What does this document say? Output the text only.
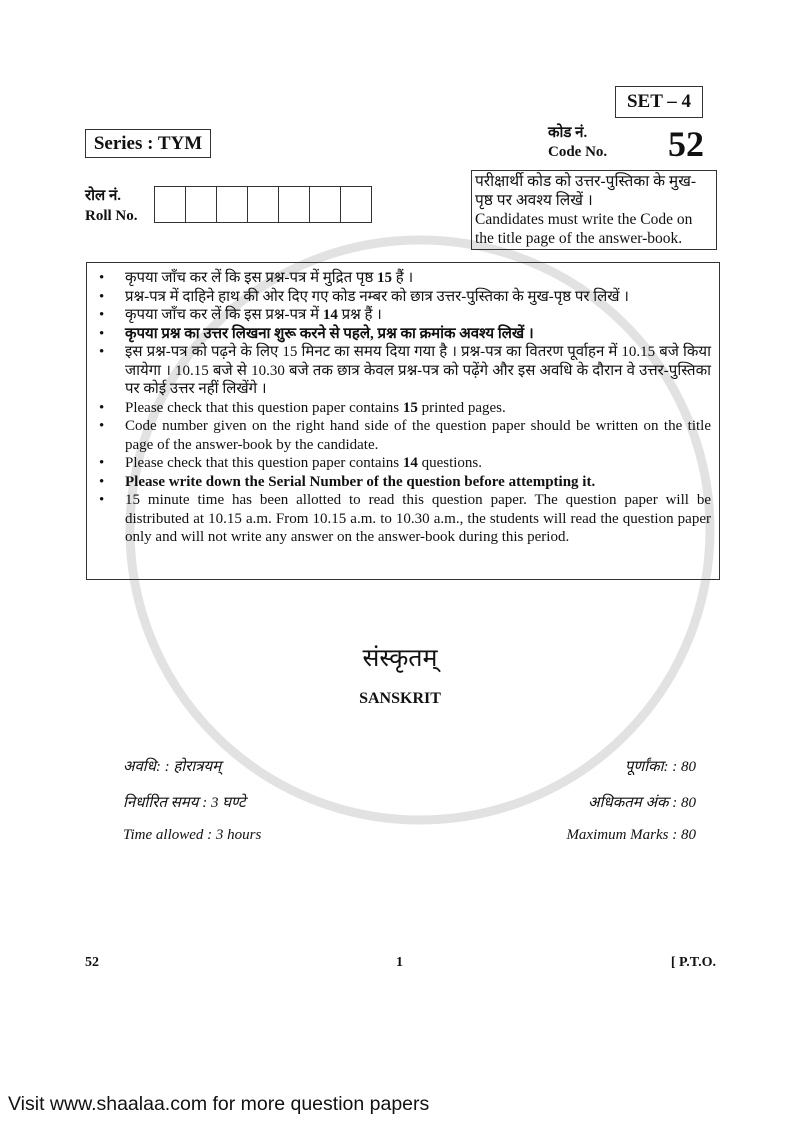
SET – 4
Series : TYM	कोड नं.
Code No. 52
रोल नं.
Roll No.
परीक्षार्थी कोड को उत्तर-पुस्तिका के मुख-पृष्ठ पर अवश्य लिखें ।
Candidates must write the Code on the title page of the answer-book.
• कृपया जाँच कर लें कि इस प्रश्न-पत्र में मुद्रित पृष्ठ 15 हैं ।
• प्रश्न-पत्र में दाहिने हाथ की ओर दिए गए कोड नम्बर को छात्र उत्तर-पुस्तिका के मुख-पृष्ठ पर लिखें ।
• कृपया जाँच कर लें कि इस प्रश्न-पत्र में 14 प्रश्न हैं ।
• कृपया प्रश्न का उत्तर लिखना शुरू करने से पहले, प्रश्न का क्रमांक अवश्य लिखें ।
• इस प्रश्न-पत्र को पढ़ने के लिए 15 मिनट का समय दिया गया है । प्रश्न-पत्र का वितरण पूर्वाहन में 10.15 बजे किया जायेगा । 10.15 बजे से 10.30 बजे तक छात्र केवल प्रश्न-पत्र को पढ़ेंगे और इस अवधि के दौरान वे उत्तर-पुस्तिका पर कोई उत्तर नहीं लिखेंगे ।
• Please check that this question paper contains 15 printed pages.
• Code number given on the right hand side of the question paper should be written on the title page of the answer-book by the candidate.
• Please check that this question paper contains 14 questions.
• Please write down the Serial Number of the question before attempting it.
• 15 minute time has been allotted to read this question paper. The question paper will be distributed at 10.15 a.m. From 10.15 a.m. to 10.30 a.m., the students will read the question paper only and will not write any answer on the answer-book during this period.
संस्कृतम्
SANSKRIT
अवधि: : होरात्रयम्	पूर्णांका: : 80
निर्धारित समय : 3 घण्टे	अधिकतम अंक : 80
Time allowed : 3 hours	Maximum Marks : 80
52	1	[ P.T.O.
Visit www.shaalaa.com for more question papers
